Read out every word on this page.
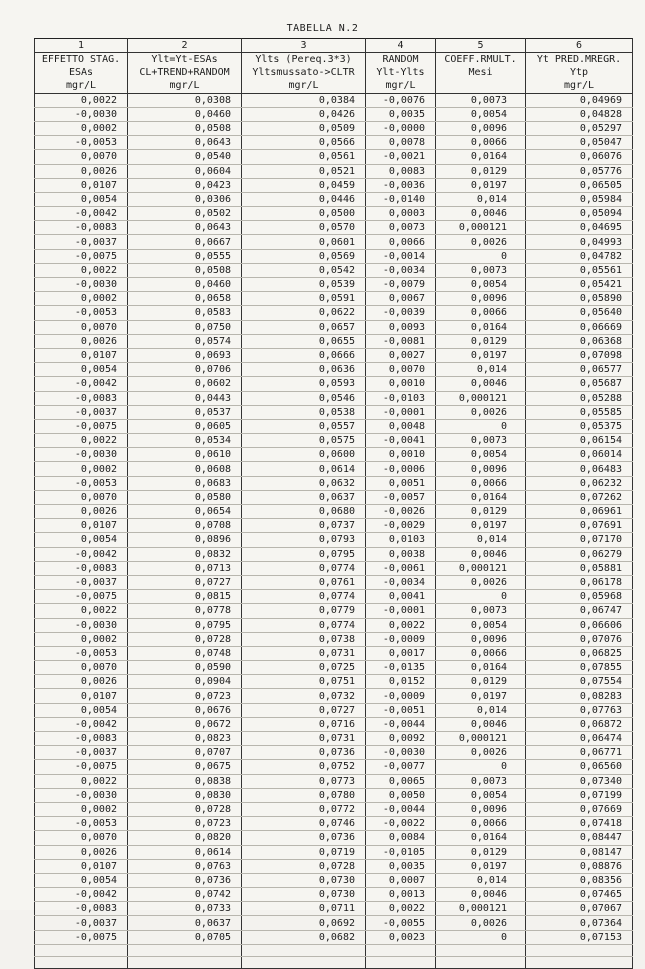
TABELLA N.2
1	2	3	4	5	6
EFFETTO STAG.	Ylt=Yt-ESAs	Ylts (Pereq.3*3)	RANDOM	COEFF.RMULT.	Yt PRED.MREGR.
ESAs	CL+TREND+RANDOM	Yltsmussato->CLTR	Ylt-Ylts	Mesi	Ytp
mgr/L	mgr/L	mgr/L	mgr/L		mgr/L
0,0022	0,0308	0,0384	-0,0076	0,0073	0,04969
-0,0030	0,0460	0,0426	0,0035	0,0054	0,04828
0,0002	0,0508	0,0509	-0,0000	0,0096	0,05297
-0,0053	0,0643	0,0566	0,0078	0,0066	0,05047
0,0070	0,0540	0,0561	-0,0021	0,0164	0,06076
0,0026	0,0604	0,0521	0,0083	0,0129	0,05776
0,0107	0,0423	0,0459	-0,0036	0,0197	0,06505
0,0054	0,0306	0,0446	-0,0140	0,014	0,05984
-0,0042	0,0502	0,0500	0,0003	0,0046	0,05094
-0,0083	0,0643	0,0570	0,0073	0,000121	0,04695
-0,0037	0,0667	0,0601	0,0066	0,0026	0,04993
-0,0075	0,0555	0,0569	-0,0014	0	0,04782
0,0022	0,0508	0,0542	-0,0034	0,0073	0,05561
-0,0030	0,0460	0,0539	-0,0079	0,0054	0,05421
0,0002	0,0658	0,0591	0,0067	0,0096	0,05890
-0,0053	0,0583	0,0622	-0,0039	0,0066	0,05640
0,0070	0,0750	0,0657	0,0093	0,0164	0,06669
0,0026	0,0574	0,0655	-0,0081	0,0129	0,06368
0,0107	0,0693	0,0666	0,0027	0,0197	0,07098
0,0054	0,0706	0,0636	0,0070	0,014	0,06577
-0,0042	0,0602	0,0593	0,0010	0,0046	0,05687
-0,0083	0,0443	0,0546	-0,0103	0,000121	0,05288
-0,0037	0,0537	0,0538	-0,0001	0,0026	0,05585
-0,0075	0,0605	0,0557	0,0048	0	0,05375
0,0022	0,0534	0,0575	-0,0041	0,0073	0,06154
-0,0030	0,0610	0,0600	0,0010	0,0054	0,06014
0,0002	0,0608	0,0614	-0,0006	0,0096	0,06483
-0,0053	0,0683	0,0632	0,0051	0,0066	0,06232
0,0070	0,0580	0,0637	-0,0057	0,0164	0,07262
0,0026	0,0654	0,0680	-0,0026	0,0129	0,06961
0,0107	0,0708	0,0737	-0,0029	0,0197	0,07691
0,0054	0,0896	0,0793	0,0103	0,014	0,07170
-0,0042	0,0832	0,0795	0,0038	0,0046	0,06279
-0,0083	0,0713	0,0774	-0,0061	0,000121	0,05881
-0,0037	0,0727	0,0761	-0,0034	0,0026	0,06178
-0,0075	0,0815	0,0774	0,0041	0	0,05968
0,0022	0,0778	0,0779	-0,0001	0,0073	0,06747
-0,0030	0,0795	0,0774	0,0022	0,0054	0,06606
0,0002	0,0728	0,0738	-0,0009	0,0096	0,07076
-0,0053	0,0748	0,0731	0,0017	0,0066	0,06825
0,0070	0,0590	0,0725	-0,0135	0,0164	0,07855
0,0026	0,0904	0,0751	0,0152	0,0129	0,07554
0,0107	0,0723	0,0732	-0,0009	0,0197	0,08283
0,0054	0,0676	0,0727	-0,0051	0,014	0,07763
-0,0042	0,0672	0,0716	-0,0044	0,0046	0,06872
-0,0083	0,0823	0,0731	0,0092	0,000121	0,06474
-0,0037	0,0707	0,0736	-0,0030	0,0026	0,06771
-0,0075	0,0675	0,0752	-0,0077	0	0,06560
0,0022	0,0838	0,0773	0,0065	0,0073	0,07340
-0,0030	0,0830	0,0780	0,0050	0,0054	0,07199
0,0002	0,0728	0,0772	-0,0044	0,0096	0,07669
-0,0053	0,0723	0,0746	-0,0022	0,0066	0,07418
0,0070	0,0820	0,0736	0,0084	0,0164	0,08447
0,0026	0,0614	0,0719	-0,0105	0,0129	0,08147
0,0107	0,0763	0,0728	0,0035	0,0197	0,08876
0,0054	0,0736	0,0730	0,0007	0,014	0,08356
-0,0042	0,0742	0,0730	0,0013	0,0046	0,07465
-0,0083	0,0733	0,0711	0,0022	0,000121	0,07067
-0,0037	0,0637	0,0692	-0,0055	0,0026	0,07364
-0,0075	0,0705	0,0682	0,0023	0	0,07153
